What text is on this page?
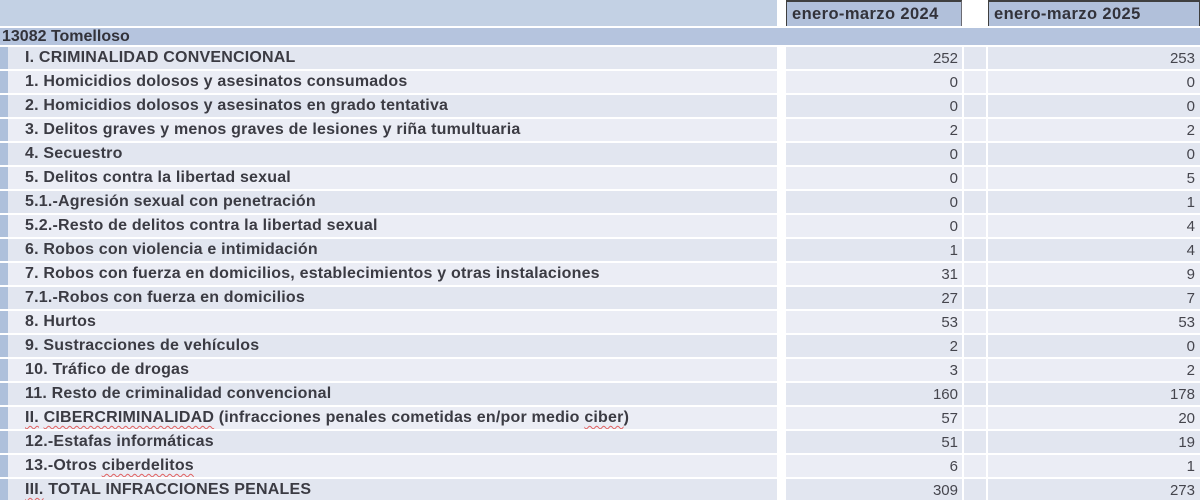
enero-marzo 2024	enero-marzo 2025
13082 Tomelloso
I. CRIMINALIDAD CONVENCIONAL	252	253
1. Homicidios dolosos y asesinatos consumados	0	0
2. Homicidios dolosos y asesinatos en grado tentativa	0	0
3. Delitos graves y menos graves de lesiones y riña tumultuaria	2	2
4. Secuestro	0	0
5. Delitos contra la libertad sexual	0	5
5.1.-Agresión sexual con penetración	0	1
5.2.-Resto de delitos contra la libertad sexual	0	4
6. Robos con violencia e intimidación	1	4
7. Robos con fuerza en domicilios, establecimientos y otras instalaciones	31	9
7.1.-Robos con fuerza en domicilios	27	7
8. Hurtos	53	53
9. Sustracciones de vehículos	2	0
10. Tráfico de drogas	3	2
11. Resto de criminalidad convencional	160	178
II.
CIBERCRIMINALIDAD (infracciones penales cometidas en/por medio ciber )	57	20
12.-Estafas informáticas	51	19
13.-Otros ciberdelitos	6	1
III. TOTAL INFRACCIONES PENALES	309	273
